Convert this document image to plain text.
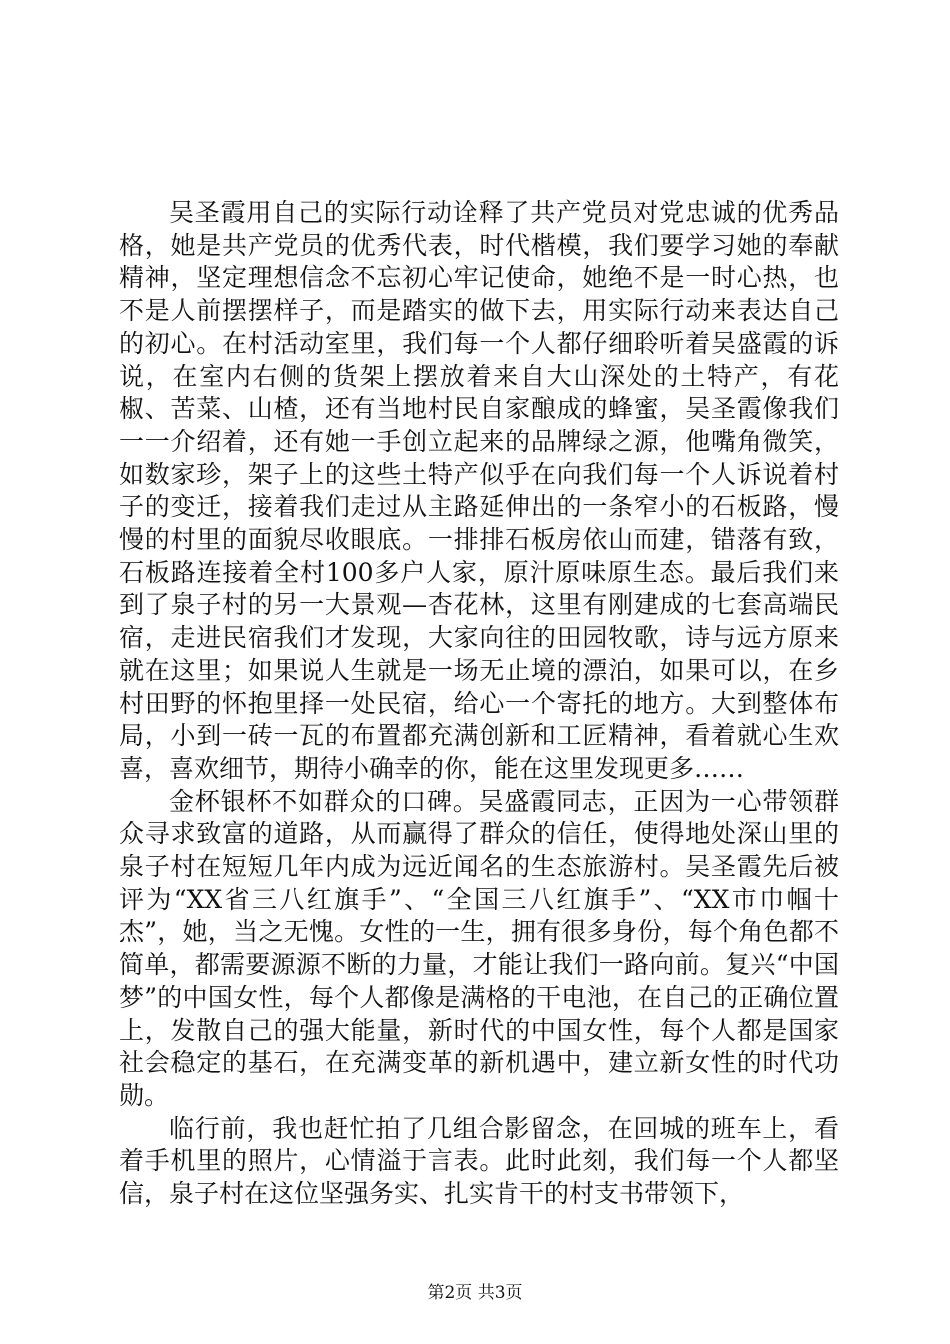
吴圣霞用自己的实际行动诠释了共产党员对党忠诚的优秀品格，她是共产党员的优秀代表，时代楷模，我们要学习她的奉献精神，坚定理想信念不忘初心牢记使命，她绝不是一时心热，也不是人前摆摆样子，而是踏实的做下去，用实际行动来表达自己的初心。在村活动室里，我们每一个人都仔细聆听着吴盛霞的诉说，在室内右侧的货架上摆放着来自大山深处的土特产，有花椒、苦菜、山楂，还有当地村民自家酿成的蜂蜜，吴圣霞像我们一一介绍着，还有她一手创立起来的品牌绿之源，他嘴角微笑，如数家珍，架子上的这些土特产似乎在向我们每一个人诉说着村子的变迁，接着我们走过从主路延伸出的一条窄小的石板路，慢慢的村里的面貌尽收眼底。一排排石板房依山而建，错落有致，石板路连接着全村100多户人家，原汁原味原生态。最后我们来到了泉子村的另一大景观—杏花林，这里有刚建成的七套高端民宿，走进民宿我们才发现，大家向往的田园牧歌，诗与远方原来就在这里；如果说人生就是一场无止境的漂泊，如果可以，在乡村田野的怀抱里择一处民宿，给心一个寄托的地方。大到整体布局，小到一砖一瓦的布置都充满创新和工匠精神，看着就心生欢喜，喜欢细节，期待小确幸的你，能在这里发现更多……

金杯银杯不如群众的口碑。吴盛霞同志，正因为一心带领群众寻求致富的道路，从而赢得了群众的信任，使得地处深山里的泉子村在短短几年内成为远近闻名的生态旅游村。吴圣霞先后被评为“XX省三八红旗手”、“全国三八红旗手”、“XX市巾帼十杰”，她，当之无愧。女性的一生，拥有很多身份，每个角色都不简单，都需要源源不断的力量，才能让我们一路向前。复兴“中国梦”的中国女性，每个人都像是满格的干电池，在自己的正确位置上，发散自己的强大能量，新时代的中国女性，每个人都是国家社会稳定的基石，在充满变革的新机遇中，建立新女性的时代功勋。

临行前，我也赶忙拍了几组合影留念，在回城的班车上，看着手机里的照片，心情溢于言表。此时此刻，我们每一个人都坚信，泉子村在这位坚强务实、扎实肯干的村支书带领下，

第2页 共3页
